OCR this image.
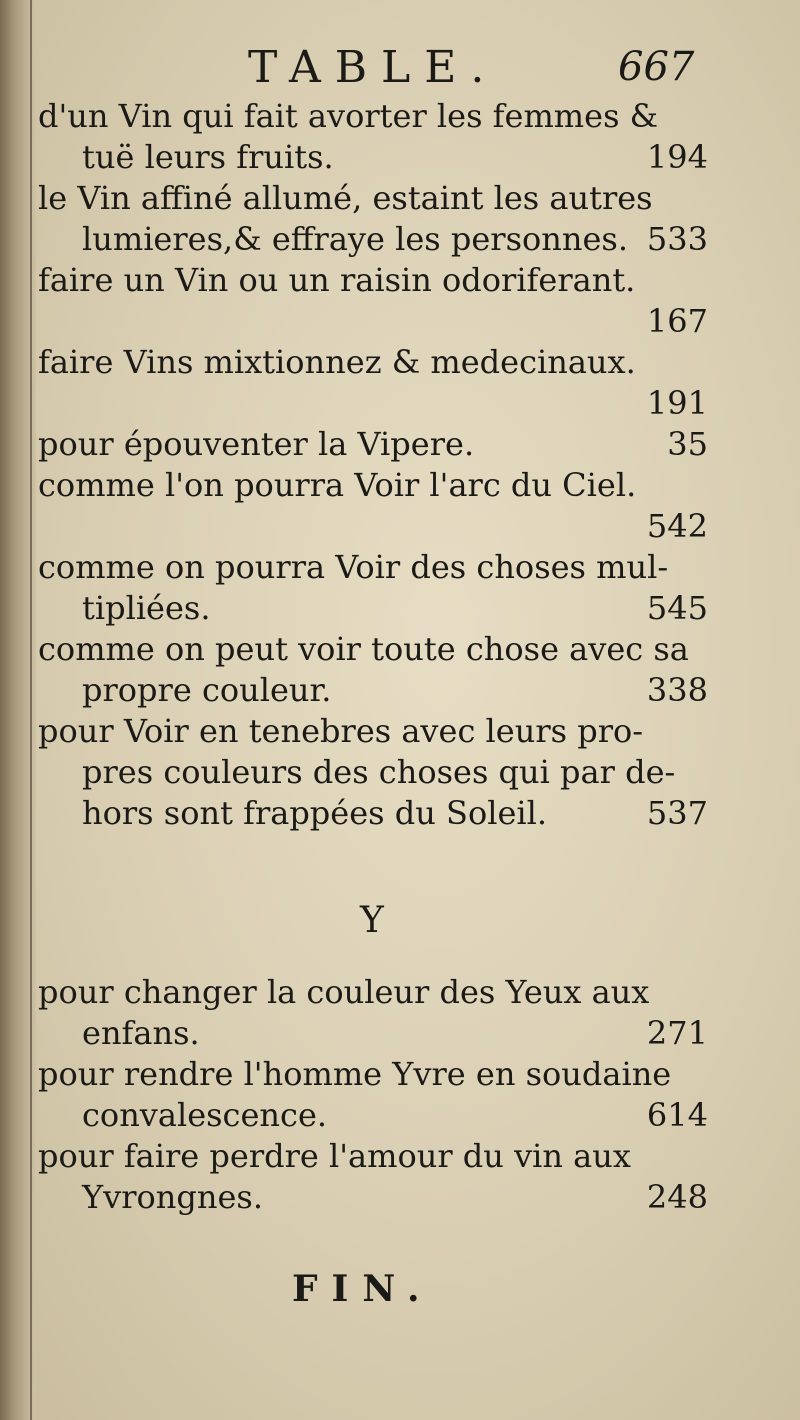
TABLE.	667
d'un Vin qui fait avorter les femmes &
tuë leurs fruits.	194
le Vin affiné allumé, estaint les autres
lumieres,& effraye les personnes. 533
faire un Vin ou un raisin odoriferant.
167
faire Vins mixtionnez & medecinaux.
191
pour épouventer la Vipere.	35
comme l'on pourra Voir l'arc du Ciel.
542
comme on pourra Voir des choses mul-
tipliées.	545
comme on peut voir toute chose avec sa
propre couleur.	338
pour Voir en tenebres avec leurs pro-
pres couleurs des choses qui par de-
hors sont frappées du Soleil.	537
Y
pour changer la couleur des Yeux aux
enfans.	271
pour rendre l'homme Yvre en soudaine
convalescence.	614
pour faire perdre l'amour du vin aux
Yvrongnes.	248
FIN.
